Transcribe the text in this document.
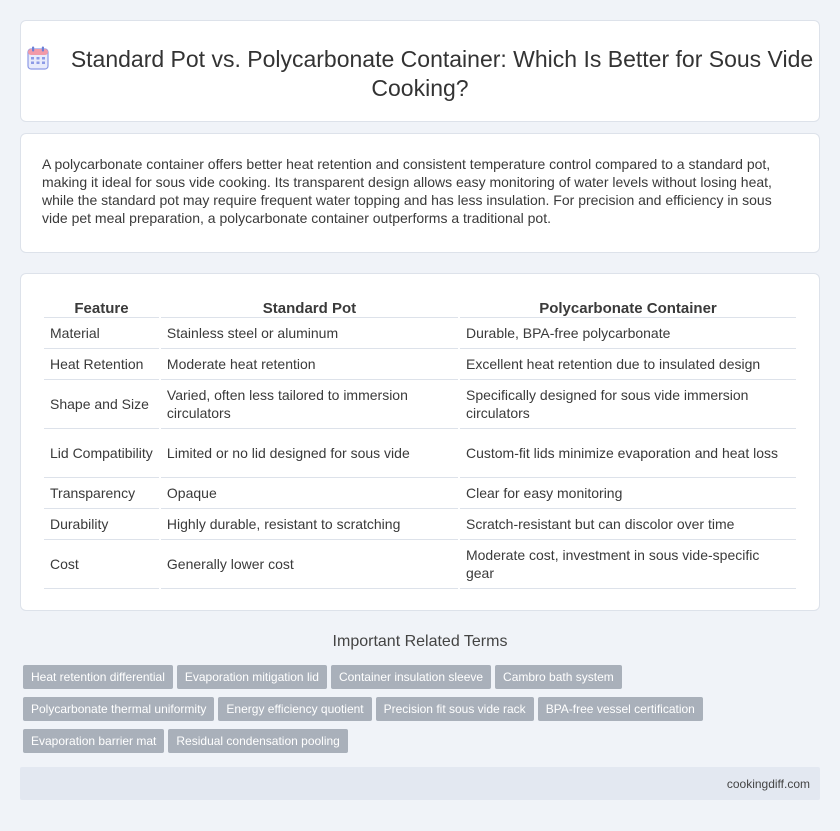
Standard Pot vs. Polycarbonate Container: Which Is Better for Sous Vide Cooking?

A polycarbonate container offers better heat retention and consistent temperature control compared to a standard pot, making it ideal for sous vide cooking. Its transparent design allows easy monitoring of water levels without losing heat, while the standard pot may require frequent water topping and has less insulation. For precision and efficiency in sous vide pet meal preparation, a polycarbonate container outperforms a traditional pot.

Feature	Standard Pot	Polycarbonate Container
Material	Stainless steel or aluminum	Durable, BPA-free polycarbonate
Heat Retention	Moderate heat retention	Excellent heat retention due to insulated design
Shape and Size	Varied, often less tailored to immersion circulators	Specifically designed for sous vide immersion circulators
Lid Compatibility	Limited or no lid designed for sous vide	Custom-fit lids minimize evaporation and heat loss
Transparency	Opaque	Clear for easy monitoring
Durability	Highly durable, resistant to scratching	Scratch-resistant but can discolor over time
Cost	Generally lower cost	Moderate cost, investment in sous vide-specific gear
Important Related Terms
Heat retention differential Evaporation mitigation lid Container insulation sleeve Cambro bath system
Polycarbonate thermal uniformity Energy efficiency quotient Precision fit sous vide rack BPA-free vessel certification
Evaporation barrier mat Residual condensation pooling
cookingdiff.com
